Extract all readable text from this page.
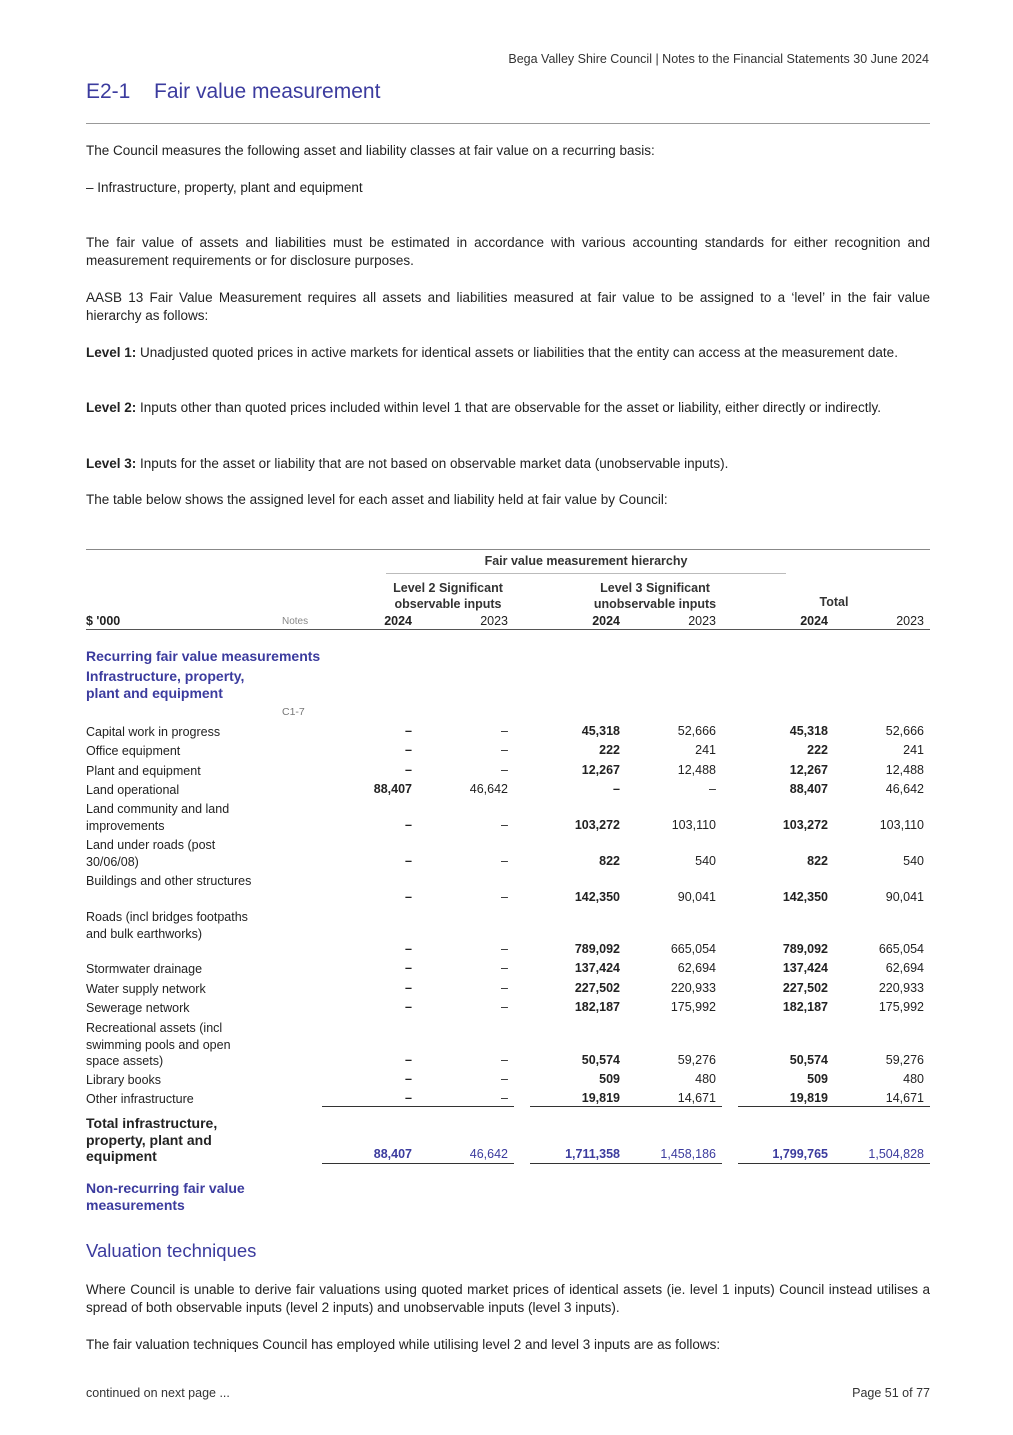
Bega Valley Shire Council | Notes to the Financial Statements 30 June 2024
E2-1 Fair value measurement
The Council measures the following asset and liability classes at fair value on a recurring basis:
– Infrastructure, property, plant and equipment
The fair value of assets and liabilities must be estimated in accordance with various accounting standards for either recognition and measurement requirements or for disclosure purposes.
AASB 13 Fair Value Measurement requires all assets and liabilities measured at fair value to be assigned to a ‘level’ in the fair value hierarchy as follows:
Level 1: Unadjusted quoted prices in active markets for identical assets or liabilities that the entity can access at the measurement date.
Level 2: Inputs other than quoted prices included within level 1 that are observable for the asset or liability, either directly or indirectly.
Level 3: Inputs for the asset or liability that are not based on observable market data (unobservable inputs).
The table below shows the assigned level for each asset and liability held at fair value by Council:
Fair value measurement hierarchy
Level 2 Significant observable inputs
Level 3 Significant unobservable inputs	Total
$ '000	Notes	2024	2023	2024	2023	2024	2023
Recurring fair value measurements
Infrastructure, property, plant and equipment
C1-7
Capital work in progress	–	–	45,318	52,666	45,318	52,666
Office equipment	–	–	222	241	222	241
Plant and equipment	–	–	12,267	12,488	12,267	12,488
Land operational	88,407	46,642	–	–	88,407	46,642
Land community and land improvements	–	–	103,272	103,110	103,272	103,110
Land under roads (post 30/06/08)	–	–	822	540	822	540
Buildings and other structures
–	–	142,350	90,041	142,350	90,041
Roads (incl bridges footpaths and bulk earthworks)
–	–	789,092	665,054	789,092	665,054
Stormwater drainage	–	–	137,424	62,694	137,424	62,694
Water supply network	–	–	227,502	220,933	227,502	220,933
Sewerage network	–	–	182,187	175,992	182,187	175,992
Recreational assets (incl swimming pools and open space assets)	–	–	50,574	59,276	50,574	59,276
Library books	–	–	509	480	509	480
Other infrastructure	–	–	19,819	14,671	19,819	14,671
Total infrastructure, property, plant and equipment	88,407	46,642	1,711,358	1,458,186	1,799,765	1,504,828
Non-recurring fair value measurements
Valuation techniques
Where Council is unable to derive fair valuations using quoted market prices of identical assets (ie. level 1 inputs) Council instead utilises a spread of both observable inputs (level 2 inputs) and unobservable inputs (level 3 inputs).
The fair valuation techniques Council has employed while utilising level 2 and level 3 inputs are as follows:
continued on next page ...	Page 51 of 77
